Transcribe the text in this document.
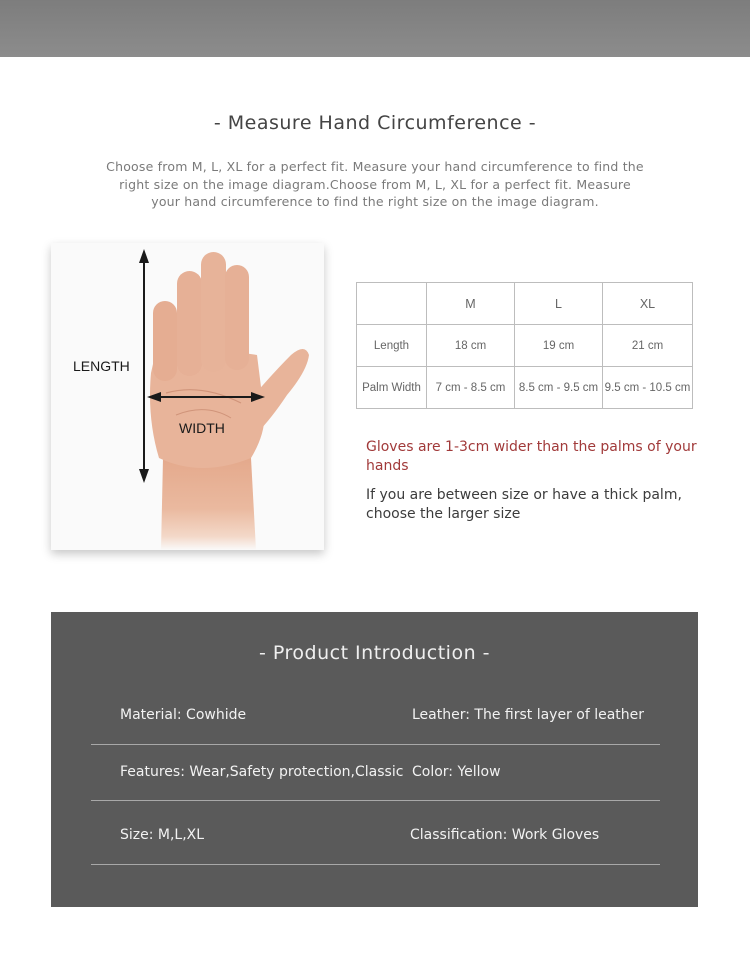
- Measure Hand Circumference -
Choose from M, L, XL for a perfect fit. Measure your hand circumference to find the right size on the image diagram.Choose from M, L, XL for a perfect fit. Measure your hand circumference to find the right size on the image diagram.
LENGTH
WIDTH
	M	L	XL
Length	18 cm	19 cm	21 cm
Palm Width	7 cm - 8.5 cm	8.5 cm - 9.5 cm	9.5 cm - 10.5 cm
Gloves are 1-3cm wider than the palms of your hands
If you are between size or have a thick palm, choose the larger size
- Product Introduction -
Material: Cowhide	Leather: The first layer of leather
Features: Wear,Safety protection,Classic Color: Yellow
Size: M,L,XL	Classification: Work Gloves
